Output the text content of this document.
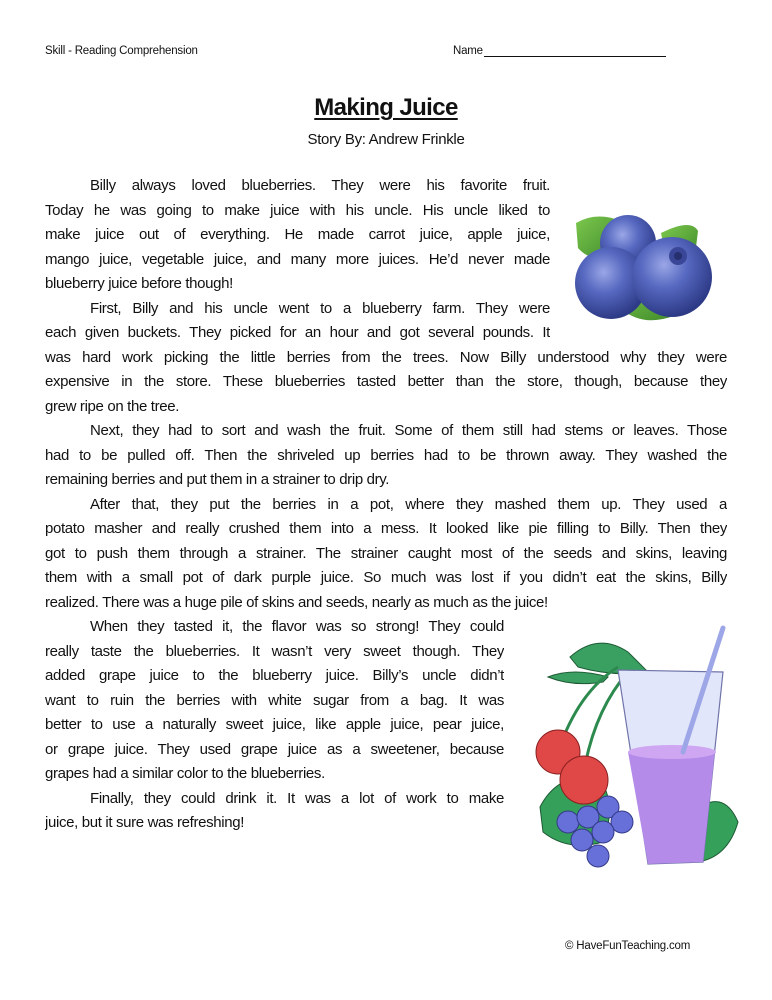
Skill - Reading Comprehension	Name
Making Juice
Story By: Andrew Frinkle
Billy always loved blueberries. They were his favorite fruit.
Today he was going to make juice with his uncle. His uncle liked to
make juice out of everything. He made carrot juice, apple juice,
mango juice, vegetable juice, and many more juices. He’d never made
blueberry juice before though!
First, Billy and his uncle went to a blueberry farm. They were
each given buckets. They picked for an hour and got several pounds. It
was hard work picking the little berries from the trees. Now Billy understood why they were
expensive in the store. These blueberries tasted better than the store, though, because they
grew ripe on the tree.
Next, they had to sort and wash the fruit. Some of them still had stems or leaves. Those
had to be pulled off. Then the shriveled up berries had to be thrown away. They washed the
remaining berries and put them in a strainer to drip dry.
After that, they put the berries in a pot, where they mashed them up. They used a
potato masher and really crushed them into a mess. It looked like pie filling to Billy. Then they
got to push them through a strainer. The strainer caught most of the seeds and skins, leaving
them with a small pot of dark purple juice. So much was lost if you didn’t eat the skins, Billy
realized. There was a huge pile of skins and seeds, nearly as much as the juice!
When they tasted it, the flavor was so strong! They could
really taste the blueberries. It wasn’t very sweet though. They
added grape juice to the blueberry juice. Billy’s uncle didn’t
want to ruin the berries with white sugar from a bag. It was
better to use a naturally sweet juice, like apple juice, pear juice,
or grape juice. They used grape juice as a sweetener, because
grapes had a similar color to the blueberries.
Finally, they could drink it. It was a lot of work to make
juice, but it sure was refreshing!
© HaveFunTeaching.com
